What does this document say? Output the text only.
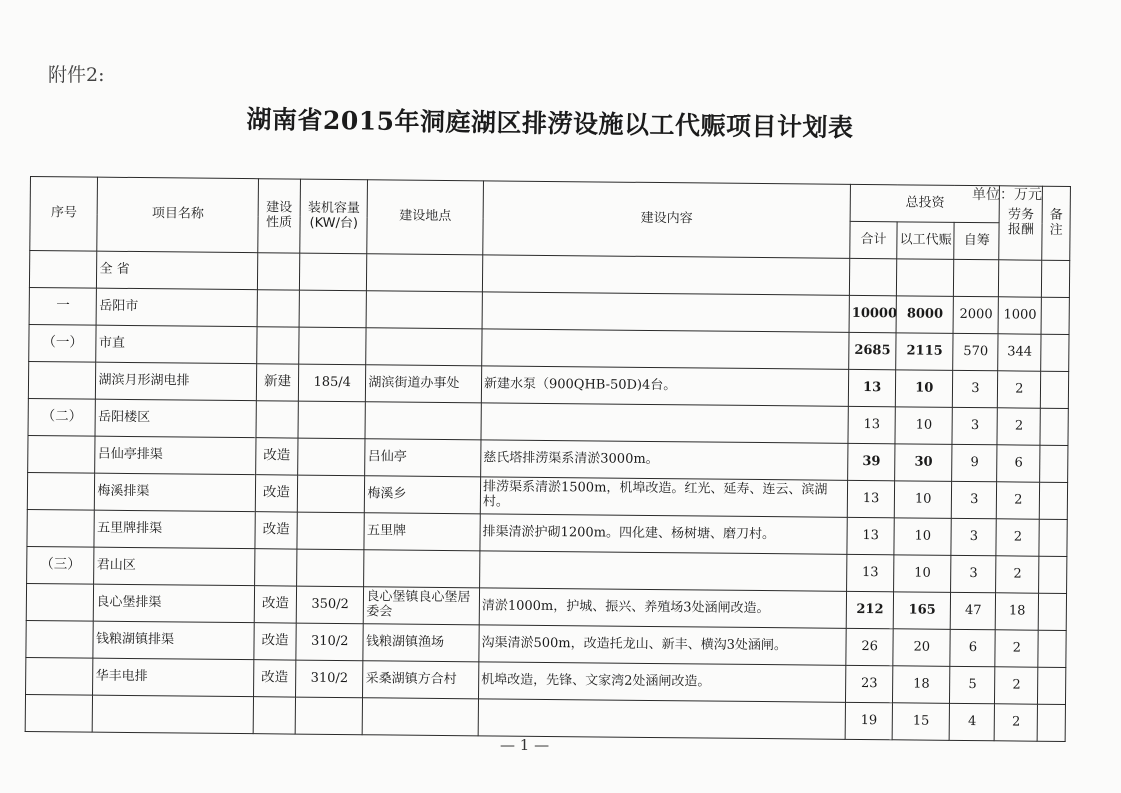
附件2:
湖南省2015年洞庭湖区排涝设施以工代赈项目计划表
单位：万元
序号	项目名称	建设性质	装机容量(KW/台)	建设地点	建设内容	总投资			劳务报酬	备注
						合计	以工代赈	自筹		
	全 省									
一	岳阳市					10000	8000	2000	1000	
（一）	市直					2685	2115	570	344	
	湖滨月形湖电排	新建	185/4	湖滨街道办事处	新建水泵（900QHB-50D)4台。	13	10	3	2	
（二）	岳阳楼区					13	10	3	2	
	吕仙亭排渠	改造		吕仙亭	慈氏塔排涝渠系清淤3000m。	39	30	9	6	
	梅溪排渠	改造		梅溪乡	排涝渠系清淤1500m，机埠改造。红光、延寿、连云、滨湖村。	13	10	3	2	
	五里牌排渠	改造		五里牌	排渠清淤护砌1200m。四化建、杨树塘、磨刀村。	13	10	3	2	
（三）	君山区					13	10	3	2	
	良心堡排渠	改造	350/2	良心堡镇良心堡居委会	清淤1000m，护城、振兴、养殖场3处涵闸改造。	212	165	47	18	
	钱粮湖镇排渠	改造	310/2	钱粮湖镇渔场	沟渠清淤500m，改造托龙山、新丰、横沟3处涵闸。	26	20	6	2	
	华丰电排	改造	310/2	采桑湖镇方合村	机埠改造，先锋、文家湾2处涵闸改造。	23	18	5	2	
						19	15	4	2	
— 1 —
